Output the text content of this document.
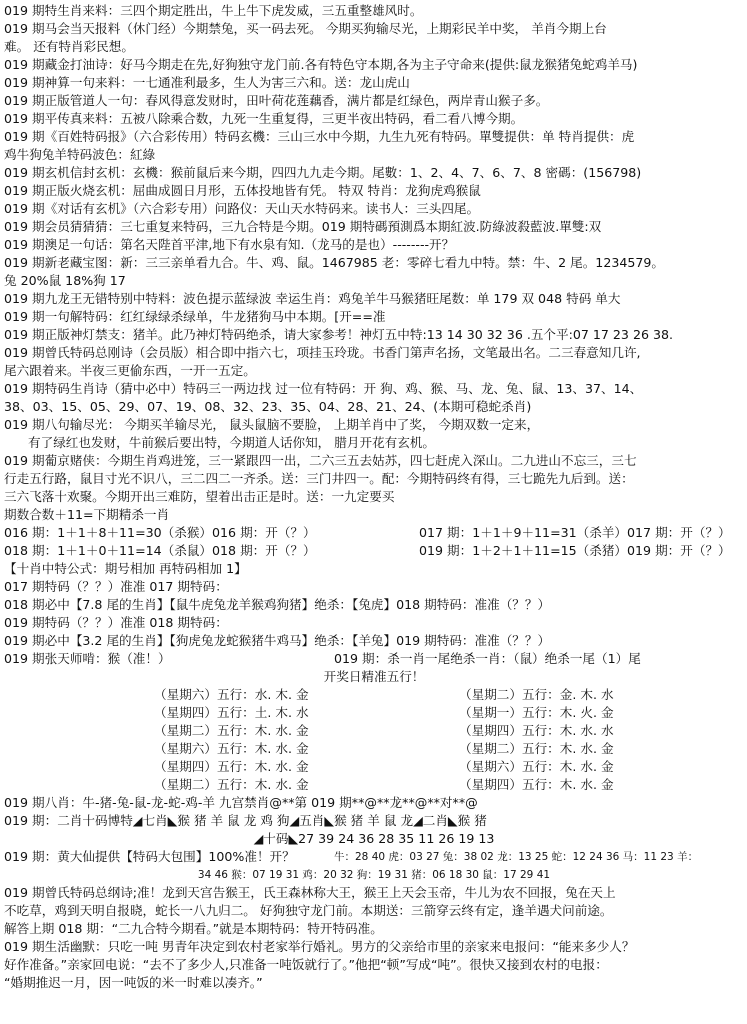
019 期特生肖来料：三四个期定胜出，牛上牛下虎发威，三五重整雄风时。

019 期马会当天报料（休门经）今期禁兔，买一码去死。 今期买狗输尽光，上期彩民羊中奖， 羊肖今期上台

难。 还有特肖彩民想。

019 期藏金打油诗：好马今期走在先,好狗独守龙门前.各有特色守本期,各为主子守命来(提供:鼠龙猴猪兔蛇鸡羊马)

019 期神算一句来料：一七通准利最多，生人为害三六和。送：龙山虎山

019 期正版管道人一句：春风得意发财时，田叶荷花莲藕香，满片都是红绿色，两岸青山猴子多。

019 期平传真来料：五被八除乘合数，九死一生重复得，三更半夜出特码，看二看八博今期。

019 期《百姓特码报》（六合彩传用）特码玄機：三山三水中今期，九生九死有特码。單雙提供：单 特肖提供：虎

鸡牛狗兔羊特码波色：紅綠

019 期玄机信封玄机：玄機：猴前鼠后来今期，四四九九走今期。尾數：1、2、4、7、6、7、8 密碼：(156798)

019 期正版火烧玄机：屈曲成圆日月形，五体投地皆有凭。 特双 特肖：龙狗虎鸡猴鼠

019 期《对话有玄机》（六合彩专用）问路仪：天山天水特码来。读书人：三头四尾。

019 期会员猜猜猜：三七重复来特码，三九合特是今期。019 期特碼預測爲本期紅波.防綠波殺藍波.單雙:双

019 期澳足一句话：第名天陛首平津,地下有水泉有知.（龙马的是也）--------开？

019 期新老藏宝图：新：三三亲单看九合。牛、鸡、鼠。1467985 老：零碎七看九中特。禁：牛、2 尾。1234579。

兔 20%鼠 18%狗 17

019 期九龙王无错特别中特料：波色提示蓝绿波 幸运生肖：鸡兔羊牛马猴猪旺尾数：单 179 双 048 特码 单大

019 期一句解特码：红红绿绿杀绿单，牛龙猪狗马中本期。[开==准

019 期正版神灯禁支：猪羊。此乃神灯特码绝杀，请大家参考！神灯五中特:13 14 30 32 36 .五个平:07 17 23 26 38.

019 期曾氏特码总刚诗（会员版）相合即中指六七，项挂玉玲珑。书香门第声名扬，文笔最出名。二三春意知几许,

尾六跟着来。半夜三更偷东西，一开一五定。

019 期特码生肖诗（猜中必中）特码三一两边找 过一位有特码：开 狗、鸡、猴、马、龙、兔、鼠、13、37、14、

38、03、15、05、29、07、19、08、32、23、35、04、28、21、24、(本期可稳蛇杀肖)

019 期八句输尽光： 今期买羊输尽光， 鼠头鼠脑不要脸， 上期羊肖中了奖， 今期双数一定来，

有了绿红也发财，牛前猴后要出特，今期道人话你知， 腊月开花有玄机。

019 期葡京赌侠：今期生肖鸡进笼，三一紧跟四一出，二六三五去姑苏，四七赶虎入深山。二九进山不忘三，三七

行走五行路，鼠目寸光不识八，三二四二一齐杀。送：三门井四一。配：今期特码终有得，三七跪先九后到。送：

三六飞落十欢聚。今期开出三难防，望着出击正是时。送：一九定要买

期数合数＋11=下期精杀一肖

016 期：1＋1＋8＋11=30（杀猴）016 期：开（？）	017 期：1＋1＋9＋11=31（杀羊）017 期：开（？）
018 期：1＋1＋0＋11=14（杀鼠）018 期：开（？）	019 期：1＋2＋1＋11=15（杀猪）019 期：开（？）

【十肖中特公式：期号相加 再特码相加 1】

017 期特码（？？）准准 017 期特码：

018 期必中【7.8 尾的生肖】【鼠牛虎兔龙羊猴鸡狗猪】绝杀：【兔虎】018 期特码：准准（？？）

019 期特码（？？）准准 018 期特码：

019 期必中【3.2 尾的生肖】【狗虎兔龙蛇猴猪牛鸡马】绝杀：【羊兔】019 期特码：准准（？？）

019 期张天师啃：猴（准！）	019 期：杀一肖一尾绝杀一肖：（鼠）绝杀一尾（1）尾

开奖日精准五行！

（星期六）五行：水. 木. 金	（星期二）五行：金. 木. 水
（星期四）五行：土. 木. 水	（星期一）五行：木. 火. 金
（星期二）五行：木. 水. 金	（星期四）五行：木. 水. 水
（星期六）五行：木. 水. 金	（星期二）五行：木. 水. 金
（星期四）五行：木. 水. 金	（星期六）五行：木. 水. 金
（星期二）五行：木. 水. 金	（星期四）五行：木. 水. 金

019 期八肖：牛-猪-兔-鼠-龙-蛇-鸡-羊 九宫禁肖@**第 019 期**@**龙**@**对**@

019 期：二肖十码博特◢七肖◣猴 猪 羊 鼠 龙 鸡 狗◢五肖◣猴 猪 羊 鼠 龙◢二肖◣猴 猪

◢十码◣27 39 24 36 28 35 11 26 19 13

019 期：黄大仙提供【特码大包围】100%准！开？	牛：28 40 虎：03 27 兔：38 02 龙：13 25 蛇：12 24 36 马：11 23 羊：

34 46 猴：07 19 31 鸡：20 32 狗：19 31 猪：06 18 30 鼠：17 29 41

019 期曾氏特码总纲诗;准！龙到天宫告猴王，氏王森林称大王，猴王上天会玉帝，牛儿为农不回报，兔在天上

不吃草，鸡到天明自报晓，蛇长一八九归二。 好狗独守龙门前。本期送：三箭穿云终有定，逢羊遇犬问前途。

解答上期 018 期：“二九合特今期看。”就是本期特码：特开特码准。

019 期生活幽默：只吃一吨 男青年决定到农村老家举行婚礼。男方的父亲给市里的亲家来电报问：“能来多少人？

好作准备。”亲家回电说：“去不了多少人,只准备一吨饭就行了。”他把“顿”写成“吨”。很快又接到农村的电报：

“婚期推迟一月，因一吨饭的米一时难以凑齐。”
